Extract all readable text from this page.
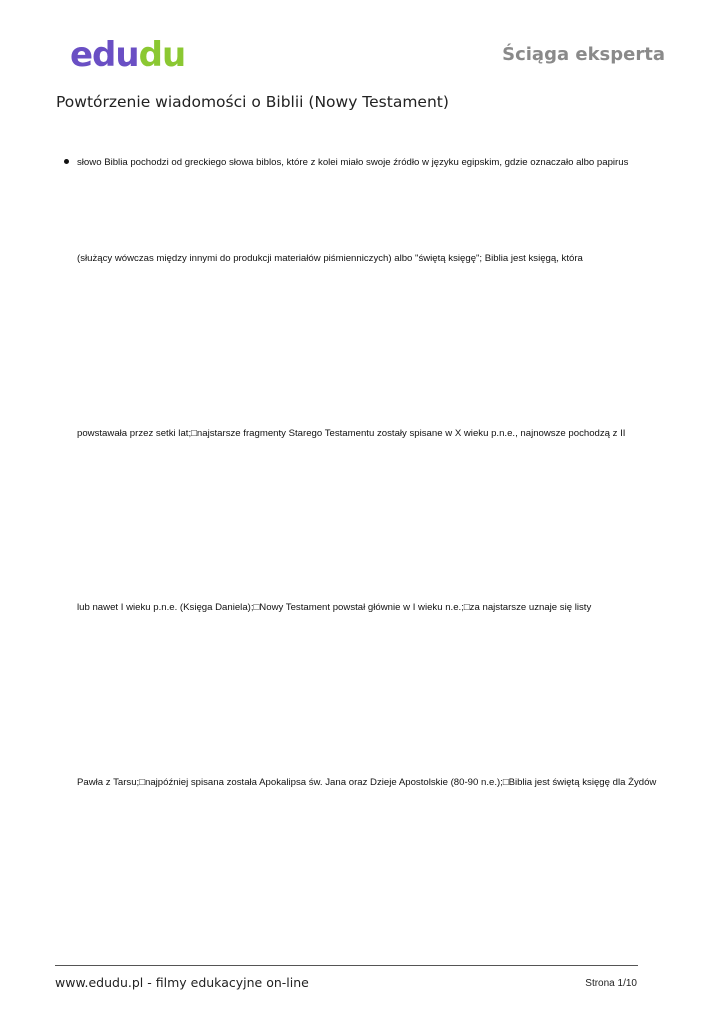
edu du	Ściąga eksperta
Powtórzenie wiadomości o Biblii (Nowy Testament)
słowo Biblia pochodzi od greckiego słowa biblos, które z kolei miało swoje źródło w języku egipskim, gdzie oznaczało albo papirus
(służący wówczas między innymi do produkcji materiałów piśmienniczych) albo "świętą księgę"; Biblia jest księgą, która
powstawała przez setki lat;□najstarsze fragmenty Starego Testamentu zostały spisane w X wieku p.n.e., najnowsze pochodzą z II
lub nawet I wieku p.n.e. (Księga Daniela);□Nowy Testament powstał głównie w I wieku n.e.;□za najstarsze uznaje się listy
Pawła z Tarsu;□najpóźniej spisana została Apokalipsa św. Jana oraz Dzieje Apostolskie (80-90 n.e.);□Biblia jest świętą księgę dla Żydów
www.edudu.pl - filmy edukacyjne on-line	Strona 1/10
